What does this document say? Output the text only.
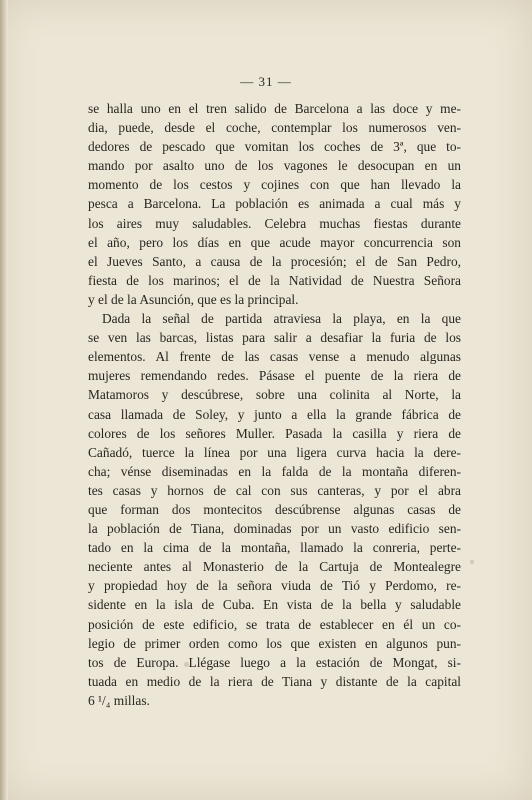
— 31 —

se halla uno en el tren salido de Barcelona a las doce y me-
dia, puede, desde el coche, contemplar los numerosos ven-
dedores de pescado que vomitan los coches de 3ª, que to-
mando por asalto uno de los vagones le desocupan en un
momento de los cestos y cojines con que han llevado la
pesca a Barcelona. La población es animada a cual más y
los aires muy saludables. Celebra muchas fiestas durante
el año, pero los días en que acude mayor concurrencia son
el Jueves Santo, a causa de la procesión; el de San Pedro,
fiesta de los marinos; el de la Natividad de Nuestra Señora
y el de la Asunción, que es la principal.

Dada la señal de partida atraviesa la playa, en la que
se ven las barcas, listas para salir a desafiar la furia de los
elementos. Al frente de las casas vense a menudo algunas
mujeres remendando redes. Pásase el puente de la riera de
Matamoros y descúbrese, sobre una colinita al Norte, la
casa llamada de Soley, y junto a ella la grande fábrica de
colores de los señores Muller. Pasada la casilla y riera de
Cañadó, tuerce la línea por una ligera curva hacia la dere-
cha; vénse diseminadas en la falda de la montaña diferen-
tes casas y hornos de cal con sus canteras, y por el abra
que forman dos montecitos descúbrense algunas casas de
la población de Tiana, dominadas por un vasto edificio sen-
tado en la cima de la montaña, llamado la conreria, perte-
neciente antes al Monasterio de la Cartuja de Montealegre
y propiedad hoy de la señora viuda de Tió y Perdomo, re-
sidente en la isla de Cuba. En vista de la bella y saludable
posición de este edificio, se trata de establecer en él un co-
legio de primer orden como los que existen en algunos pun-
tos de Europa. Llégase luego a la estación de Mongat, si-
tuada en medio de la riera de Tiana y distante de la capital
6 ¹/₄ millas.
